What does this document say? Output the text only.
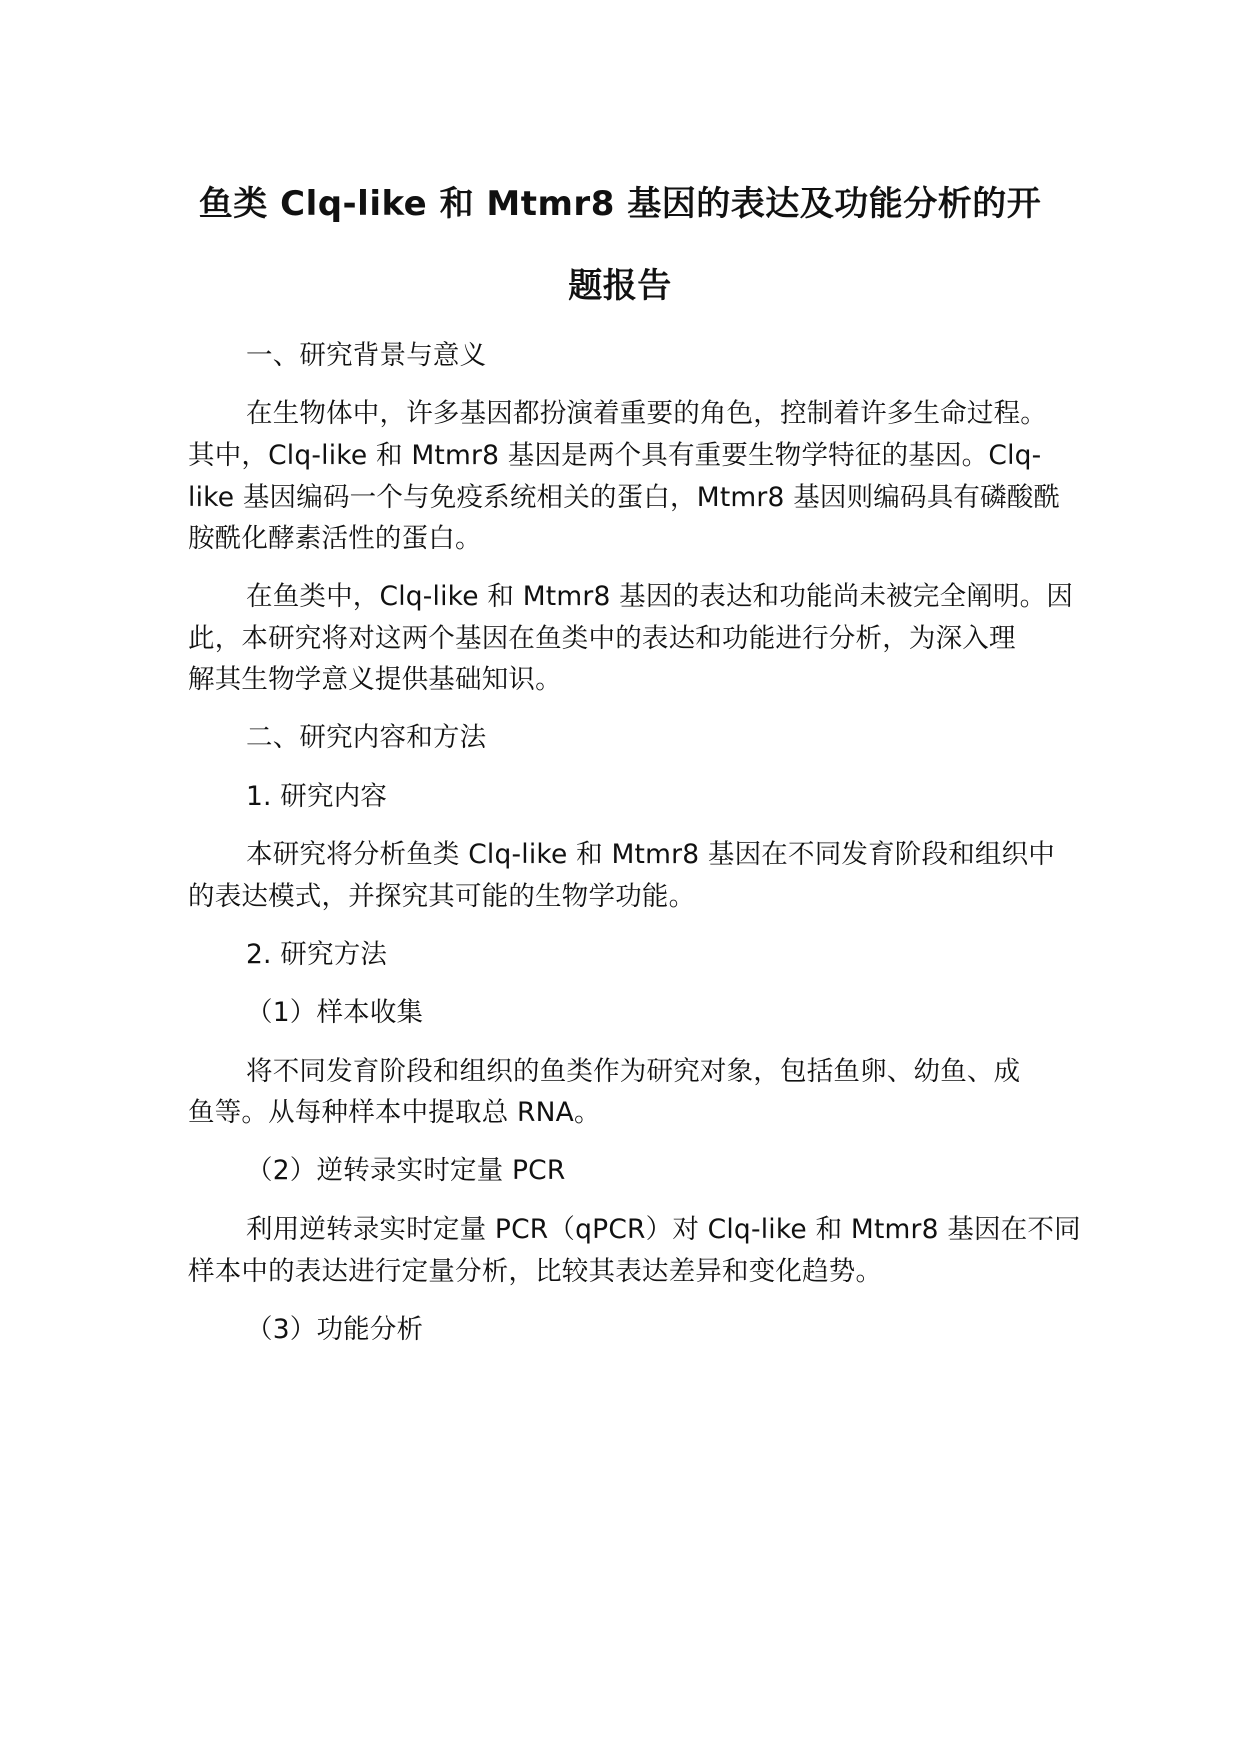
鱼类 Clq-like 和 Mtmr8 基因的表达及功能分析的开
题报告
一、研究背景与意义
在生物体中，许多基因都扮演着重要的角色，控制着许多生命过程。
其中，Clq-like 和 Mtmr8 基因是两个具有重要生物学特征的基因。Clq-
like 基因编码一个与免疫系统相关的蛋白，Mtmr8 基因则编码具有磷酸酰
胺酰化酵素活性的蛋白。
在鱼类中，Clq-like 和 Mtmr8 基因的表达和功能尚未被完全阐明。因
此，本研究将对这两个基因在鱼类中的表达和功能进行分析，为深入理
解其生物学意义提供基础知识。
二、研究内容和方法
1. 研究内容
本研究将分析鱼类 Clq-like 和 Mtmr8 基因在不同发育阶段和组织中
的表达模式，并探究其可能的生物学功能。
2. 研究方法
（1）样本收集
将不同发育阶段和组织的鱼类作为研究对象，包括鱼卵、幼鱼、成
鱼等。从每种样本中提取总 RNA。
（2）逆转录实时定量 PCR
利用逆转录实时定量 PCR（qPCR）对 Clq-like 和 Mtmr8 基因在不同
样本中的表达进行定量分析，比较其表达差异和变化趋势。
（3）功能分析
